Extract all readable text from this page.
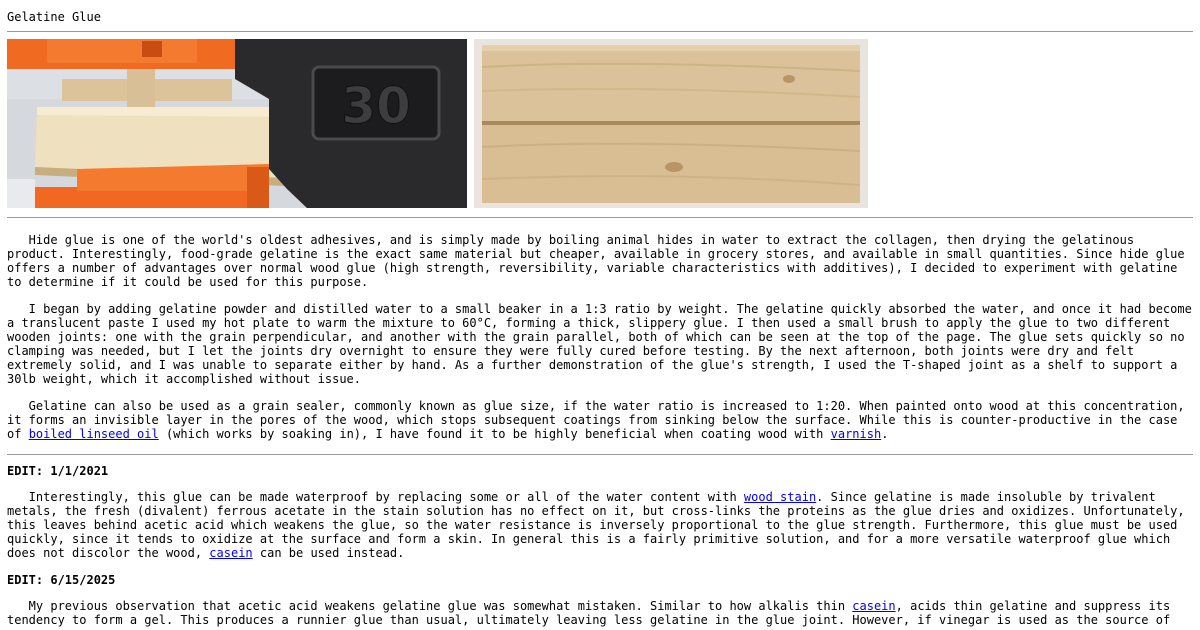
Gelatine Glue
30

Hide glue is one of the world's oldest adhesives, and is simply made by boiling animal hides in water to extract the collagen, then drying the gelatinous product. Interestingly, food-grade gelatine is the exact same material but cheaper, available in grocery stores, and available in small quantities. Since hide glue offers a number of advantages over normal wood glue (high strength, reversibility, variable characteristics with additives), I decided to experiment with gelatine to determine if it could be used for this purpose.

I began by adding gelatine powder and distilled water to a small beaker in a 1:3 ratio by weight. The gelatine quickly absorbed the water, and once it had become a translucent paste I used my hot plate to warm the mixture to 60°C, forming a thick, slippery glue. I then used a small brush to apply the glue to two different wooden joints: one with the grain perpendicular, and another with the grain parallel, both of which can be seen at the top of the page. The glue sets quickly so no clamping was needed, but I let the joints dry overnight to ensure they were fully cured before testing. By the next afternoon, both joints were dry and felt extremely solid, and I was unable to separate either by hand. As a further demonstration of the glue's strength, I used the T-shaped joint as a shelf to support a 30lb weight, which it accomplished without issue.

Gelatine can also be used as a grain sealer, commonly known as glue size, if the water ratio is increased to 1:20. When painted onto wood at this concentration, it forms an invisible layer in the pores of the wood, which stops subsequent coatings from sinking below the surface. While this is counter-productive in the case of boiled linseed oil (which works by soaking in), I have found it to be highly beneficial when coating wood with varnish.

EDIT: 1/1/2021

Interestingly, this glue can be made waterproof by replacing some or all of the water content with wood stain. Since gelatine is made insoluble by trivalent metals, the fresh (divalent) ferrous acetate in the stain solution has no effect on it, but cross-links the proteins as the glue dries and oxidizes. Unfortunately, this leaves behind acetic acid which weakens the glue, so the water resistance is inversely proportional to the glue strength. Furthermore, this glue must be used quickly, since it tends to oxidize at the surface and form a skin. In general this is a fairly primitive solution, and for a more versatile waterproof glue which does not discolor the wood, casein can be used instead.

EDIT: 6/15/2025

My previous observation that acetic acid weakens gelatine glue was somewhat mistaken. Similar to how alkalis thin casein, acids thin gelatine and suppress its tendency to form a gel. This produces a runnier glue than usual, ultimately leaving less gelatine in the glue joint. However, if vinegar is used as the source of
